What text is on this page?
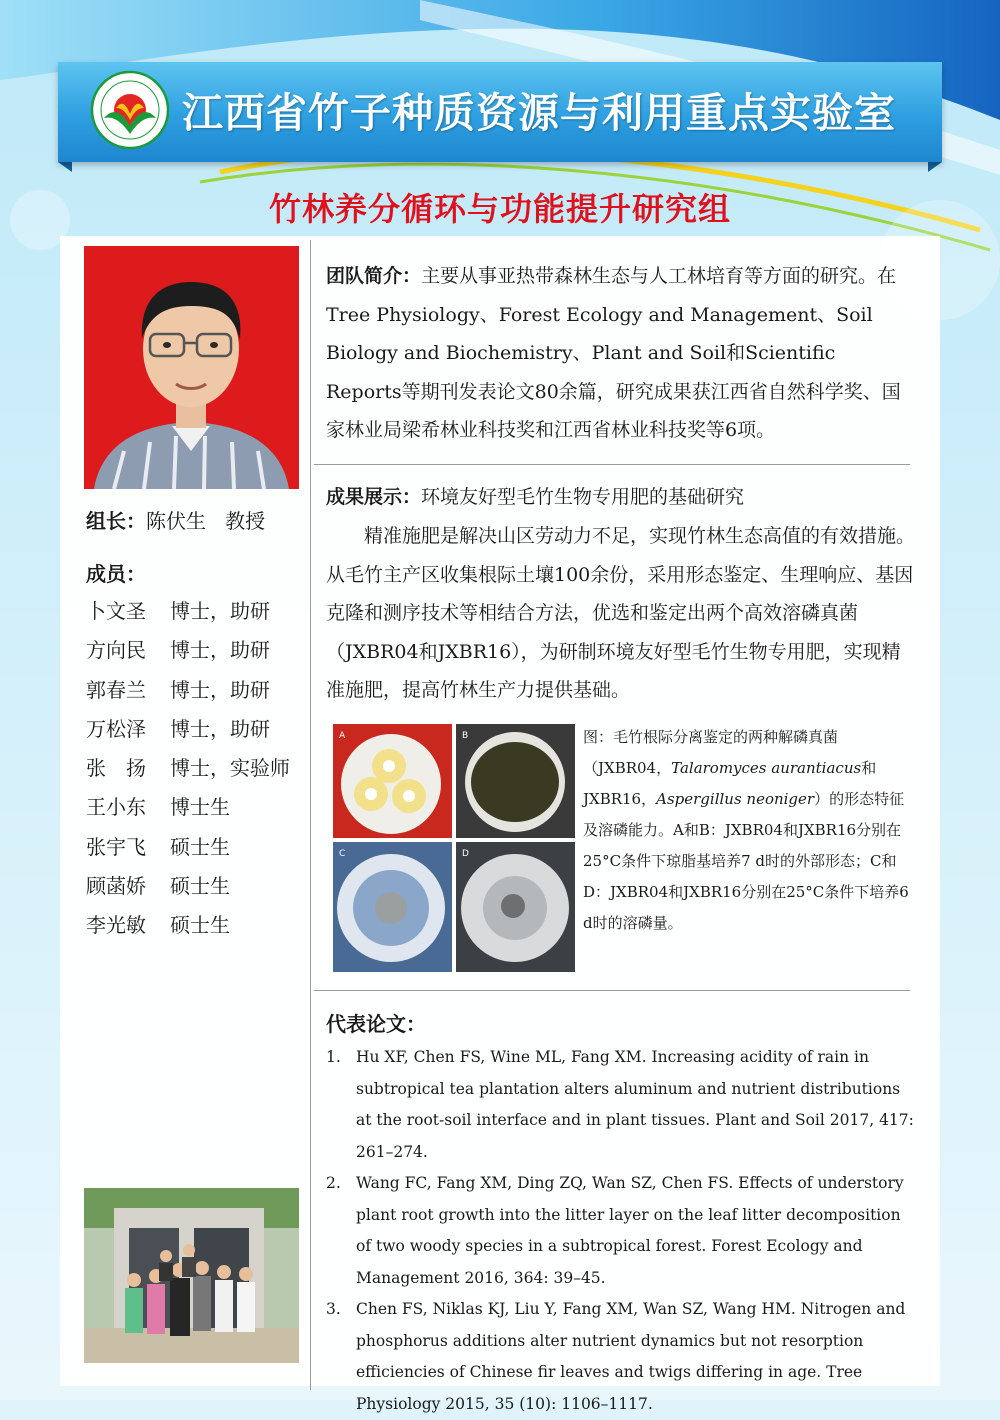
江西省竹子种质资源与利用重点实验室
竹林养分循环与功能提升研究组
组长：陈伏生 教授
成员：
卜文圣 博士，助研
方向民 博士，助研
郭春兰 博士，助研
万松泽 博士，助研
张　扬 博士，实验师
王小东 博士生
张宇飞 硕士生
顾菡娇 硕士生
李光敏 硕士生
团队简介：主要从事亚热带森林生态与人工林培育等方面的研究。在Tree Physiology、Forest Ecology and Management、Soil Biology and Biochemistry、Plant and Soil和Scientific Reports等期刊发表论文80余篇，研究成果获江西省自然科学奖、国家林业局梁希林业科技奖和江西省林业科技奖等6项。
成果展示：环境友好型毛竹生物专用肥的基础研究
精准施肥是解决山区劳动力不足，实现竹林生态高值的有效措施。从毛竹主产区收集根际土壤100余份，采用形态鉴定、生理响应、基因克隆和测序技术等相结合方法，优选和鉴定出两个高效溶磷真菌（JXBR04和JXBR16），为研制环境友好型毛竹生物专用肥，实现精准施肥，提高竹林生产力提供基础。
A	B
C	D
图：毛竹根际分离鉴定的两种解磷真菌（JXBR04，Talaromyces aurantiacus和JXBR16，Aspergillus neoniger）的形态特征及溶磷能力。A和B：JXBR04和JXBR16分别在25°C条件下琼脂基培养7 d时的外部形态；C和D：JXBR04和JXBR16分别在25°C条件下培养6 d时的溶磷量。
代表论文：
1. Hu XF, Chen FS, Wine ML, Fang XM. Increasing acidity of rain in subtropical tea plantation alters aluminum and nutrient distributions at the root-soil interface and in plant tissues. Plant and Soil 2017, 417: 261–274.
2. Wang FC, Fang XM, Ding ZQ, Wan SZ, Chen FS. Effects of understory plant root growth into the litter layer on the leaf litter decomposition of two woody species in a subtropical forest. Forest Ecology and Management 2016, 364: 39–45.
3. Chen FS, Niklas KJ, Liu Y, Fang XM, Wan SZ, Wang HM. Nitrogen and phosphorus additions alter nutrient dynamics but not resorption efficiencies of Chinese fir leaves and twigs differing in age. Tree Physiology 2015, 35 (10): 1106–1117.
